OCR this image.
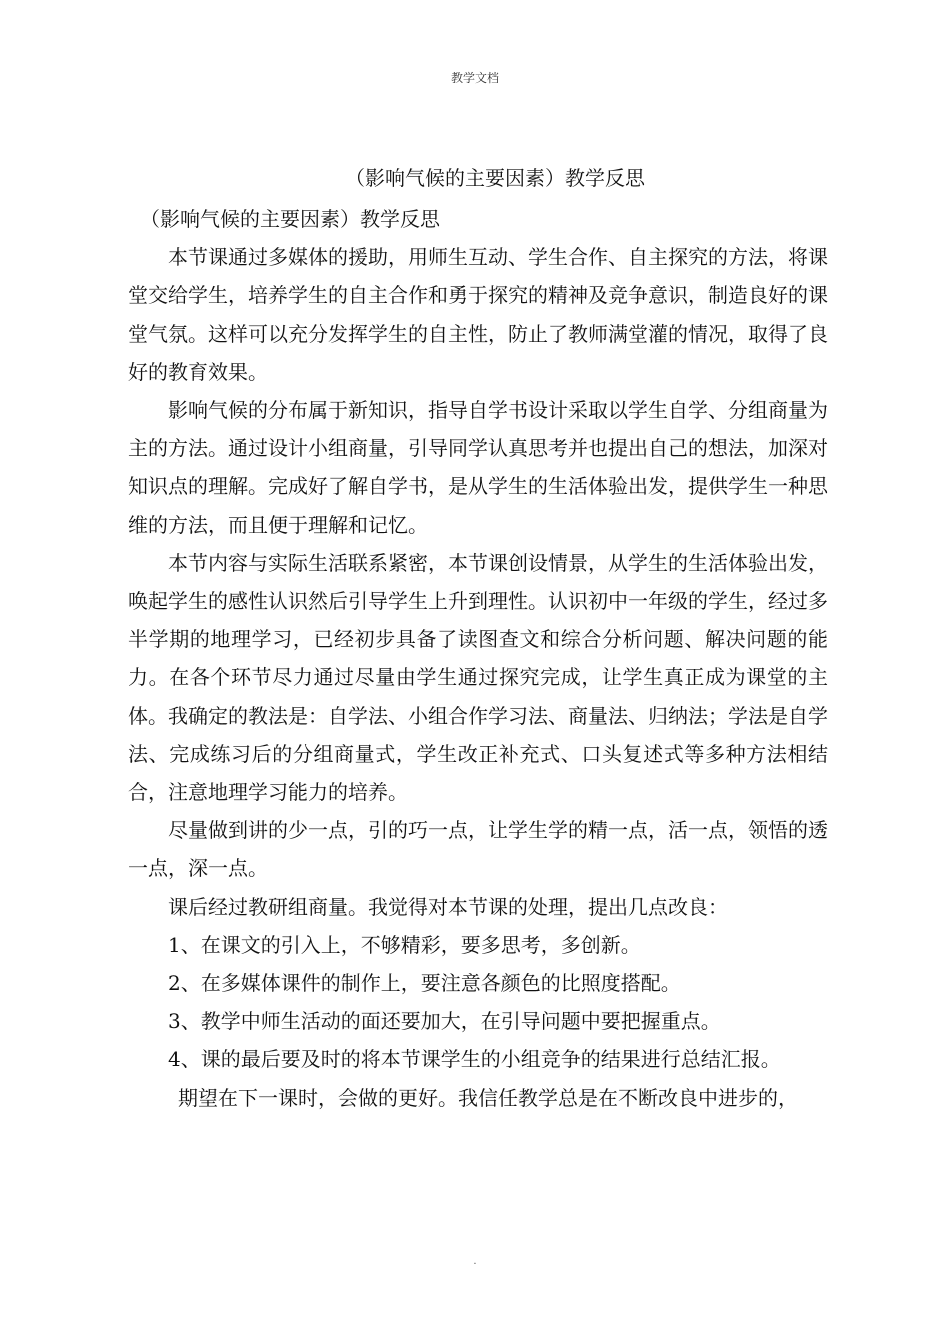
教学文档
（影响气候的主要因素）教学反思

（影响气候的主要因素）教学反思

本节课通过多媒体的援助，用师生互动、学生合作、自主探究的方法，将课堂交给学生，培养学生的自主合作和勇于探究的精神及竞争意识，制造良好的课堂气氛。这样可以充分发挥学生的自主性，防止了教师满堂灌的情况，取得了良好的教育效果。

影响气候的分布属于新知识，指导自学书设计采取以学生自学、分组商量为主的方法。通过设计小组商量，引导同学认真思考并也提出自己的想法，加深对知识点的理解。完成好了解自学书，是从学生的生活体验出发，提供学生一种思维的方法，而且便于理解和记忆。

本节内容与实际生活联系紧密，本节课创设情景，从学生的生活体验出发，唤起学生的感性认识然后引导学生上升到理性。认识初中一年级的学生，经过多半学期的地理学习，已经初步具备了读图查文和综合分析问题、解决问题的能力。在各个环节尽力通过尽量由学生通过探究完成，让学生真正成为课堂的主体。我确定的教法是：自学法、小组合作学习法、商量法、归纳法；学法是自学法、完成练习后的分组商量式，学生改正补充式、口头复述式等多种方法相结合，注意地理学习能力的培养。

尽量做到讲的少一点，引的巧一点，让学生学的精一点，活一点，领悟的透一点，深一点。

课后经过教研组商量。我觉得对本节课的处理，提出几点改良：

1、在课文的引入上，不够精彩，要多思考，多创新。

2、在多媒体课件的制作上，要注意各颜色的比照度搭配。

3、教学中师生活动的面还要加大，在引导问题中要把握重点。

4、课的最后要及时的将本节课学生的小组竞争的结果进行总结汇报。

期望在下一课时，会做的更好。我信任教学总是在不断改良中进步的，

.
